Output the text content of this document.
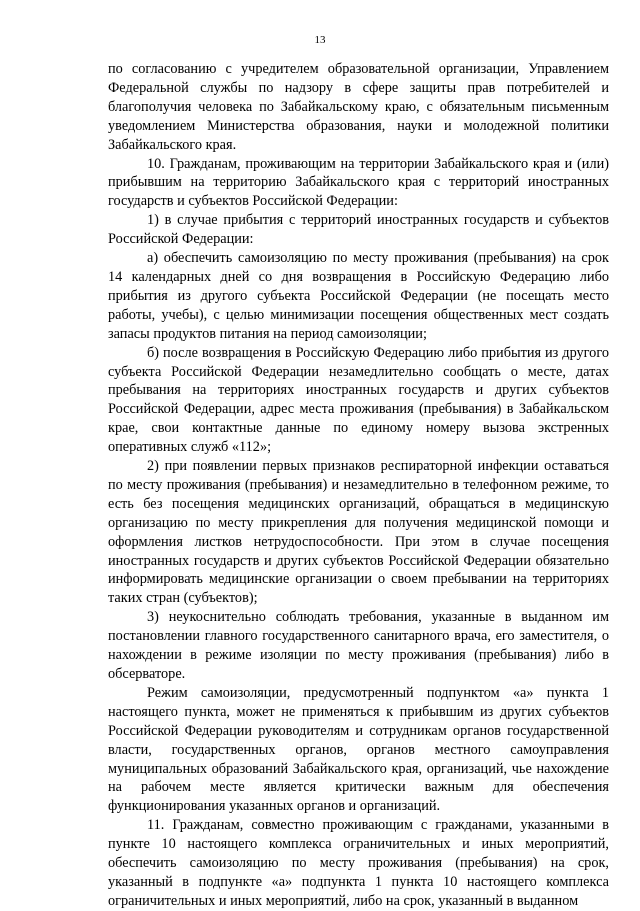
13

по согласованию с учредителем образовательной организации, Управлением Федеральной службы по надзору в сфере защиты прав потребителей и благополучия человека по Забайкальскому краю, с обязательным письменным уведомлением Министерства образования, науки и молодежной политики Забайкальского края.

10. Гражданам, проживающим на территории Забайкальского края и (или) прибывшим на территорию Забайкальского края с территорий иностранных государств и субъектов Российской Федерации:

1) в случае прибытия с территорий иностранных государств и субъектов Российской Федерации:

а) обеспечить самоизоляцию по месту проживания (пребывания) на срок 14 календарных дней со дня возвращения в Российскую Федерацию либо прибытия из другого субъекта Российской Федерации (не посещать место работы, учебы), с целью минимизации посещения общественных мест создать запасы продуктов питания на период самоизоляции;

б) после возвращения в Российскую Федерацию либо прибытия из другого субъекта Российской Федерации незамедлительно сообщать о месте, датах пребывания на территориях иностранных государств и других субъектов Российской Федерации, адрес места проживания (пребывания) в Забайкальском крае, свои контактные данные по единому номеру вызова экстренных оперативных служб «112»;

2) при появлении первых признаков респираторной инфекции оставаться по месту проживания (пребывания) и незамедлительно в телефонном режиме, то есть без посещения медицинских организаций, обращаться в медицинскую организацию по месту прикрепления для получения медицинской помощи и оформления листков нетрудоспособности. При этом в случае посещения иностранных государств и других субъектов Российской Федерации обязательно информировать медицинские организации о своем пребывании на территориях таких стран (субъектов);

3) неукоснительно соблюдать требования, указанные в выданном им постановлении главного государственного санитарного врача, его заместителя, о нахождении в режиме изоляции по месту проживания (пребывания) либо в обсерваторе.

Режим самоизоляции, предусмотренный подпунктом «а» пункта 1 настоящего пункта, может не применяться к прибывшим из других субъектов Российской Федерации руководителям и сотрудникам органов государственной власти, государственных органов, органов местного самоуправления муниципальных образований Забайкальского края, организаций, чье нахождение на рабочем месте является критически важным для обеспечения функционирования указанных органов и организаций.

11. Гражданам, совместно проживающим с гражданами, указанными в пункте 10 настоящего комплекса ограничительных и иных мероприятий, обеспечить самоизоляцию по месту проживания (пребывания) на срок, указанный в подпункте «а» подпункта 1 пункта 10 настоящего комплекса ограничительных и иных мероприятий, либо на срок, указанный в выданном
